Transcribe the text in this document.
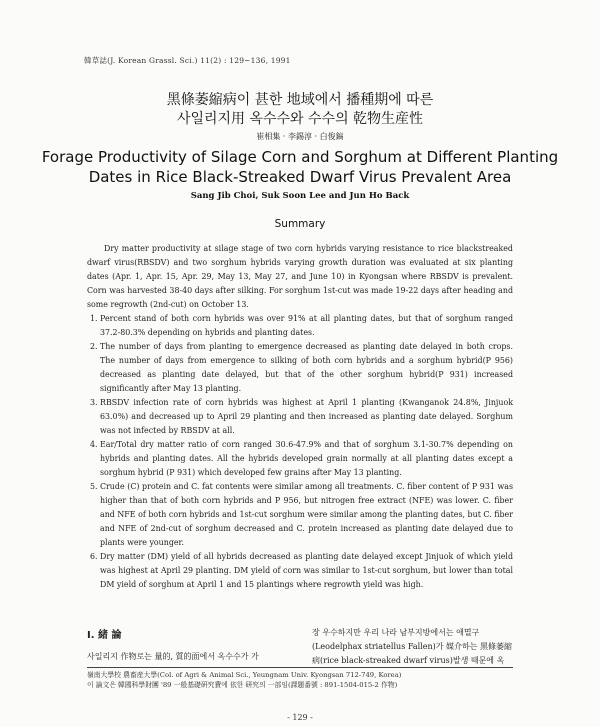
韓草誌(J. Korean Grassl. Sci.) 11(2) : 129~136, 1991
黑條萎縮病이 甚한 地域에서 播種期에 따른
사일리지用 옥수수와 수수의 乾物生産性
崔相集 · 李錫淳 · 白俊鎬
Forage Productivity of Silage Corn and Sorghum at Different Planting
Dates in Rice Black-Streaked Dwarf Virus Prevalent Area
Sang Jib Choi, Suk Soon Lee and Jun Ho Back
Summary

Dry matter productivity at silage stage of two corn hybrids varying resistance to rice blackstreaked dwarf virus(RBSDV) and two sorghum hybrids varying growth duration was evaluated at six planting dates (Apr. 1, Apr. 15, Apr. 29, May 13, May 27, and June 10) in Kyongsan where RBSDV is prevalent. Corn was harvested 38-40 days after silking. For sorghum 1st-cut was made 19-22 days after heading and some regrowth (2nd-cut) on October 13.

1. Percent stand of both corn hybrids was over 91% at all planting dates, but that of sorghum ranged 37.2-80.3% depending on hybrids and planting dates.
2. The number of days from planting to emergence decreased as planting date delayed in both crops. The number of days from emergence to silking of both corn hybrids and a sorghum hybrid(P 956) decreased as planting date delayed, but that of the other sorghum hybrid(P 931) increased significantly after May 13 planting.
3. RBSDV infection rate of corn hybrids was highest at April 1 planting (Kwanganok 24.8%, Jinjuok 63.0%) and decreased up to April 29 planting and then increased as planting date delayed. Sorghum was not infected by RBSDV at all.
4. Ear/Total dry matter ratio of corn ranged 30.6-47.9% and that of sorghum 3.1-30.7% depending on hybrids and planting dates. All the hybrids developed grain normally at all planting dates except a sorghum hybrid (P 931) which developed few grains after May 13 planting.
5. Crude (C) protein and C. fat contents were similar among all treatments. C. fiber content of P 931 was higher than that of both corn hybrids and P 956, but nitrogen free extract (NFE) was lower. C. fiber and NFE of both corn hybrids and 1st-cut sorghum were similar among the planting dates, but C. fiber and NFE of 2nd-cut of sorghum decreased and C. protein increased as planting date delayed due to plants were younger.
6. Dry matter (DM) yield of all hybrids decreased as planting date delayed except Jinjuok of which yield was highest at April 29 planting. DM yield of corn was similar to 1st-cut sorghum, but lower than total DM yield of sorghum at April 1 and 15 plantings where regrowth yield was high.
I. 緒 論
사일리지 作物로는 量的, 質的面에서 옥수수가 가
장 우수하지만 우리 나라 남부지방에서는 애멸구
(Leodelphax striatellus Fallen)가 媒介하는 黑條萎縮
病(rice black-streaked dwarf virus)발생 때문에 옥
嶺南大學校 農畜産大學(Col. of Agri & Animal Sci., Yeungnam Univ. Kyongsan 712-749, Korea)
이 論文은 韓國科學財團 '89 一般基礎硏究費에 依한 硏究의 一部임(課題番號 : 891-1504-015-2 作物)
- 129 -
